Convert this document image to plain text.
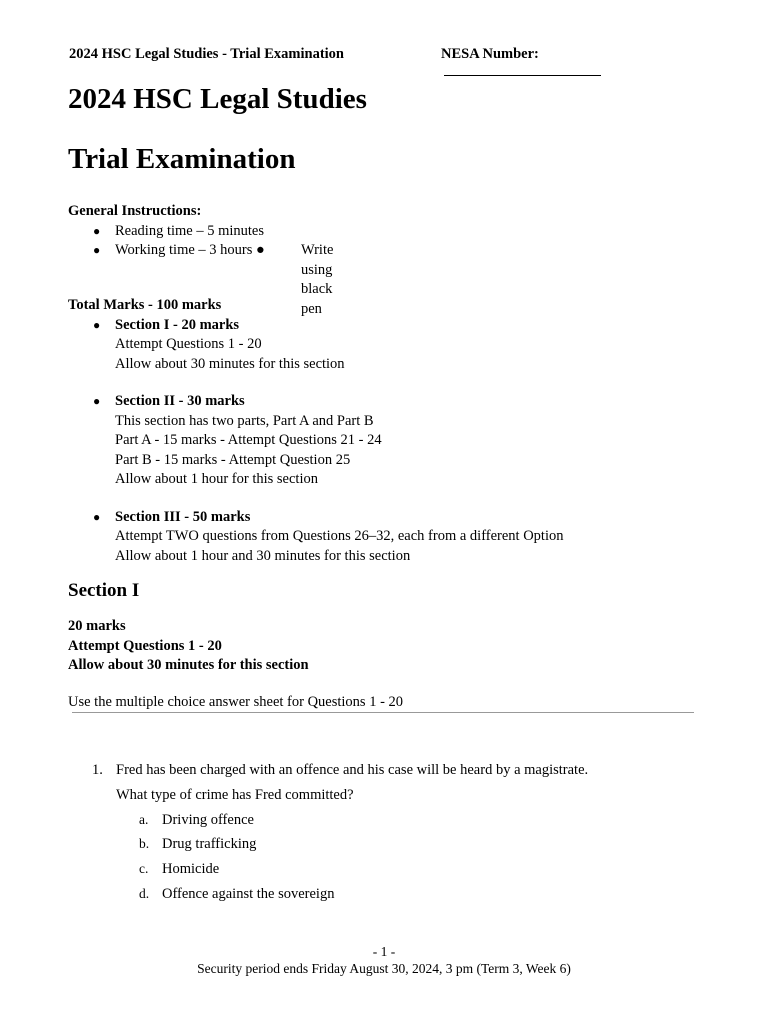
2024 HSC Legal Studies - Trial Examination	NESA Number:
2024 HSC Legal Studies
Trial Examination
General Instructions:
● Reading time – 5 minutes
● Working time – 3 hours ● Write using black pen
Total Marks - 100 marks
● Section I - 20 marks
Attempt Questions 1 - 20
Allow about 30 minutes for this section
● Section II - 30 marks
This section has two parts, Part A and Part B
Part A - 15 marks - Attempt Questions 21 - 24
Part B - 15 marks - Attempt Question 25
Allow about 1 hour for this section
● Section III - 50 marks
Attempt TWO questions from Questions 26–32, each from a different Option
Allow about 1 hour and 30 minutes for this section
Section I
20 marks
Attempt Questions 1 - 20
Allow about 30 minutes for this section
Use the multiple choice answer sheet for Questions 1 - 20
1. Fred has been charged with an offence and his case will be heard by a magistrate.
What type of crime has Fred committed?
a. Driving offence
b. Drug trafficking
c. Homicide
d. Offence against the sovereign
- 1 -
Security period ends Friday August 30, 2024, 3 pm (Term 3, Week 6)
